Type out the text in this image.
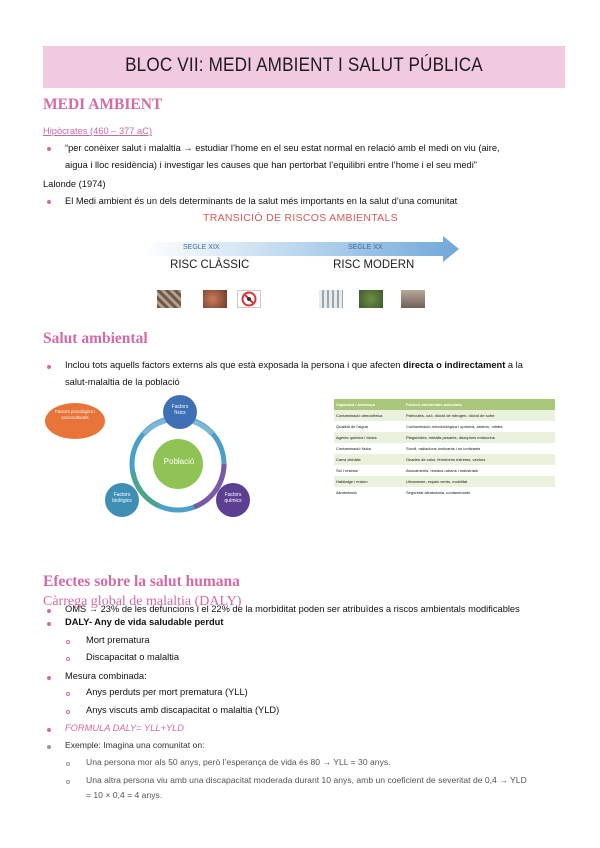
BLOC VII: MEDI AMBIENT I SALUT PÚBLICA
MEDI AMBIENT
Hipòcrates (460 – 377 aC)
“per conèixer salut i malaltia → estudiar l’home en el seu estat normal en relació amb el medi on viu (aire,
aigua i lloc residència) i investigar les causes que han pertorbat l’equilibri entre l’home i el seu medi”
Lalonde (1974)
El Medi ambient és un dels determinants de la salut més importants en la salut d’una comunitat
TRANSICIÓ DE RISCOS AMBIENTALS
SEGLE XIX	SEGLE XX
RISC CLÀSSIC	RISC MODERN
Salut ambiental
Inclou tots aquells factors externs als que està exposada la persona i que afecten directa o indirectament a la
salut-malaltia de la població
Població
Factors físics
Factors biològics
Factors químics
Factors psicològics i socioculturals
Capacitat / Amenaça	Factors ambientals associats
Contaminació atmosfèrica	Partícules, ozó, diòxid de nitrogen, diòxid de sofre
Qualitat de l'aigua	Contaminació microbiològica i química, arsènic, nitrats
Agents químics i tòxics	Plaguicides, metalls pesants, disruptors endocrins
Contaminació física	Soroll, radiacions ionitzants i no ionitzants
Canvi climàtic	Onades de calor, fenòmens extrems, vectors
Sòl i residus	Abocaments, residus urbans i industrials
Habitatge i entorn	Urbanisme, espais verds, mobilitat
Alimentació	Seguretat alimentària, contaminants
Efectes sobre la salut humana
OMS → 23% de les defuncions i el 22% de la morbiditat poden ser atribuïdes a riscos ambientals modificables
Càrrega global de malaltia (DALY)
DALY- Any de vida saludable perdut
Mort prematura
Discapacitat o malaltia
Mesura combinada:
Anys perduts per mort prematura (YLL)
Anys viscuts amb discapacitat o malaltia (YLD)
FORMULA DALY= YLL+YLD
Exemple: Imagina una comunitat on:
Una persona mor als 50 anys, però l’esperança de vida és 80 → YLL = 30 anys.
Una altra persona viu amb una discapacitat moderada durant 10 anys, amb un coeficient de severitat de 0,4 → YLD
= 10 × 0,4 = 4 anys.
